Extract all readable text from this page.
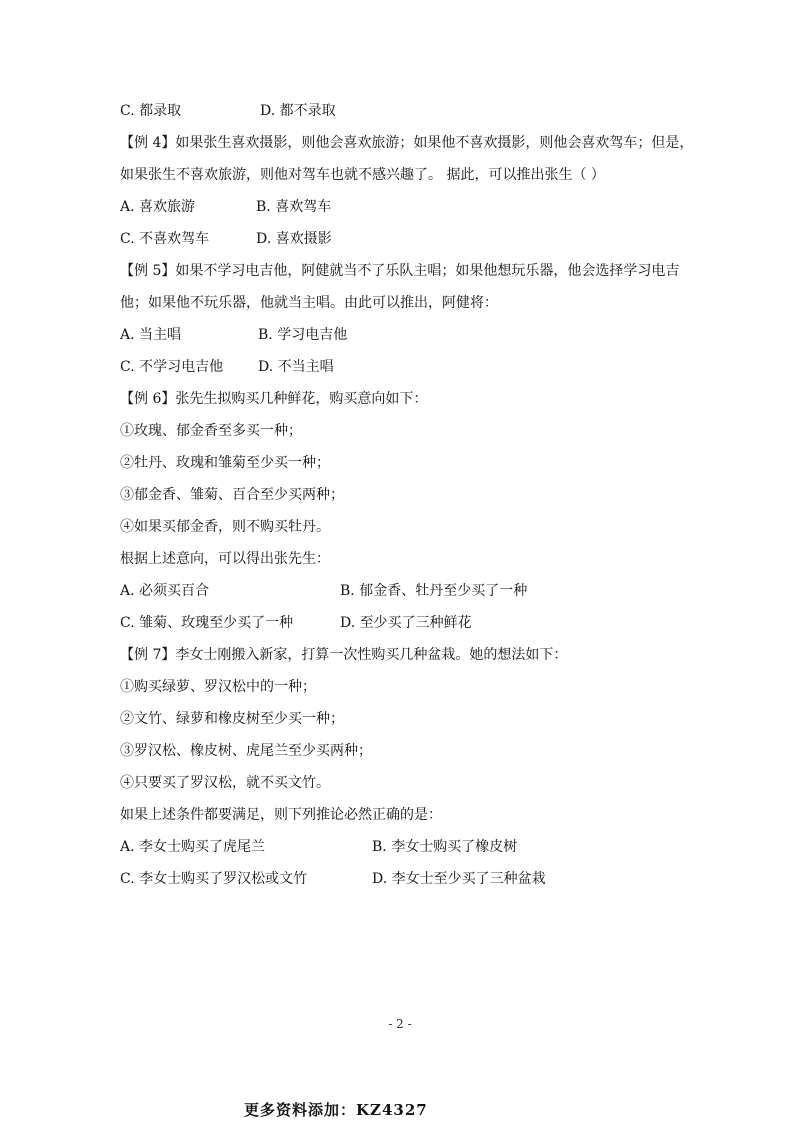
C. 都录取	D. 都不录取
【例 4】如果张生喜欢摄影，则他会喜欢旅游；如果他不喜欢摄影，则他会喜欢驾车；但是，
如果张生不喜欢旅游，则他对驾车也就不感兴趣了。 据此，可以推出张生（ ）
A. 喜欢旅游	B. 喜欢驾车
C. 不喜欢驾车	D. 喜欢摄影
【例 5】如果不学习电吉他，阿健就当不了乐队主唱；如果他想玩乐器，他会选择学习电吉
他；如果他不玩乐器，他就当主唱。由此可以推出，阿健将：
A. 当主唱	B. 学习电吉他
C. 不学习电吉他 D. 不当主唱
【例 6】张先生拟购买几种鲜花，购买意向如下：
①玫瑰、郁金香至多买一种；
②牡丹、玫瑰和雏菊至少买一种；
③郁金香、雏菊、百合至少买两种；
④如果买郁金香，则不购买牡丹。
根据上述意向，可以得出张先生：
A. 必须买百合	B. 郁金香、牡丹至少买了一种
C. 雏菊、玫瑰至少买了一种	D. 至少买了三种鲜花
【例 7】李女士刚搬入新家，打算一次性购买几种盆栽。她的想法如下：
①购买绿萝、罗汉松中的一种；
②文竹、绿萝和橡皮树至少买一种；
③罗汉松、橡皮树、虎尾兰至少买两种；
④只要买了罗汉松，就不买文竹。
如果上述条件都要满足，则下列推论必然正确的是：
A. 李女士购买了虎尾兰	B. 李女士购买了橡皮树
C. 李女士购买了罗汉松或文竹	D. 李女士至少买了三种盆栽
- 2 -
更多资料添加：KZ4327
